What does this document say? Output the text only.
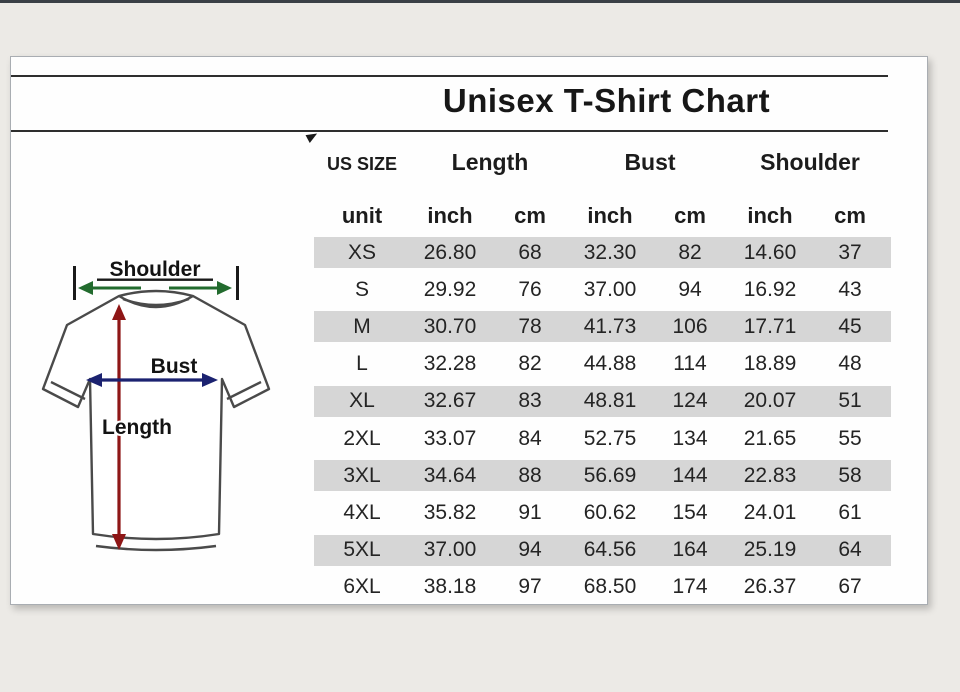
Unisex T-Shirt Chart
Shoulder
Bust
Length
US SIZE	Length	Bust	Shoulder
unit	inch	cm	inch	cm	inch	cm
XS	26.80	68	32.30	82	14.60	37
S	29.92	76	37.00	94	16.92	43
M	30.70	78	41.73	106	17.71	45
L	32.28	82	44.88	114	18.89	48
XL	32.67	83	48.81	124	20.07	51
2XL	33.07	84	52.75	134	21.65	55
3XL	34.64	88	56.69	144	22.83	58
4XL	35.82	91	60.62	154	24.01	61
5XL	37.00	94	64.56	164	25.19	64
6XL	38.18	97	68.50	174	26.37	67
